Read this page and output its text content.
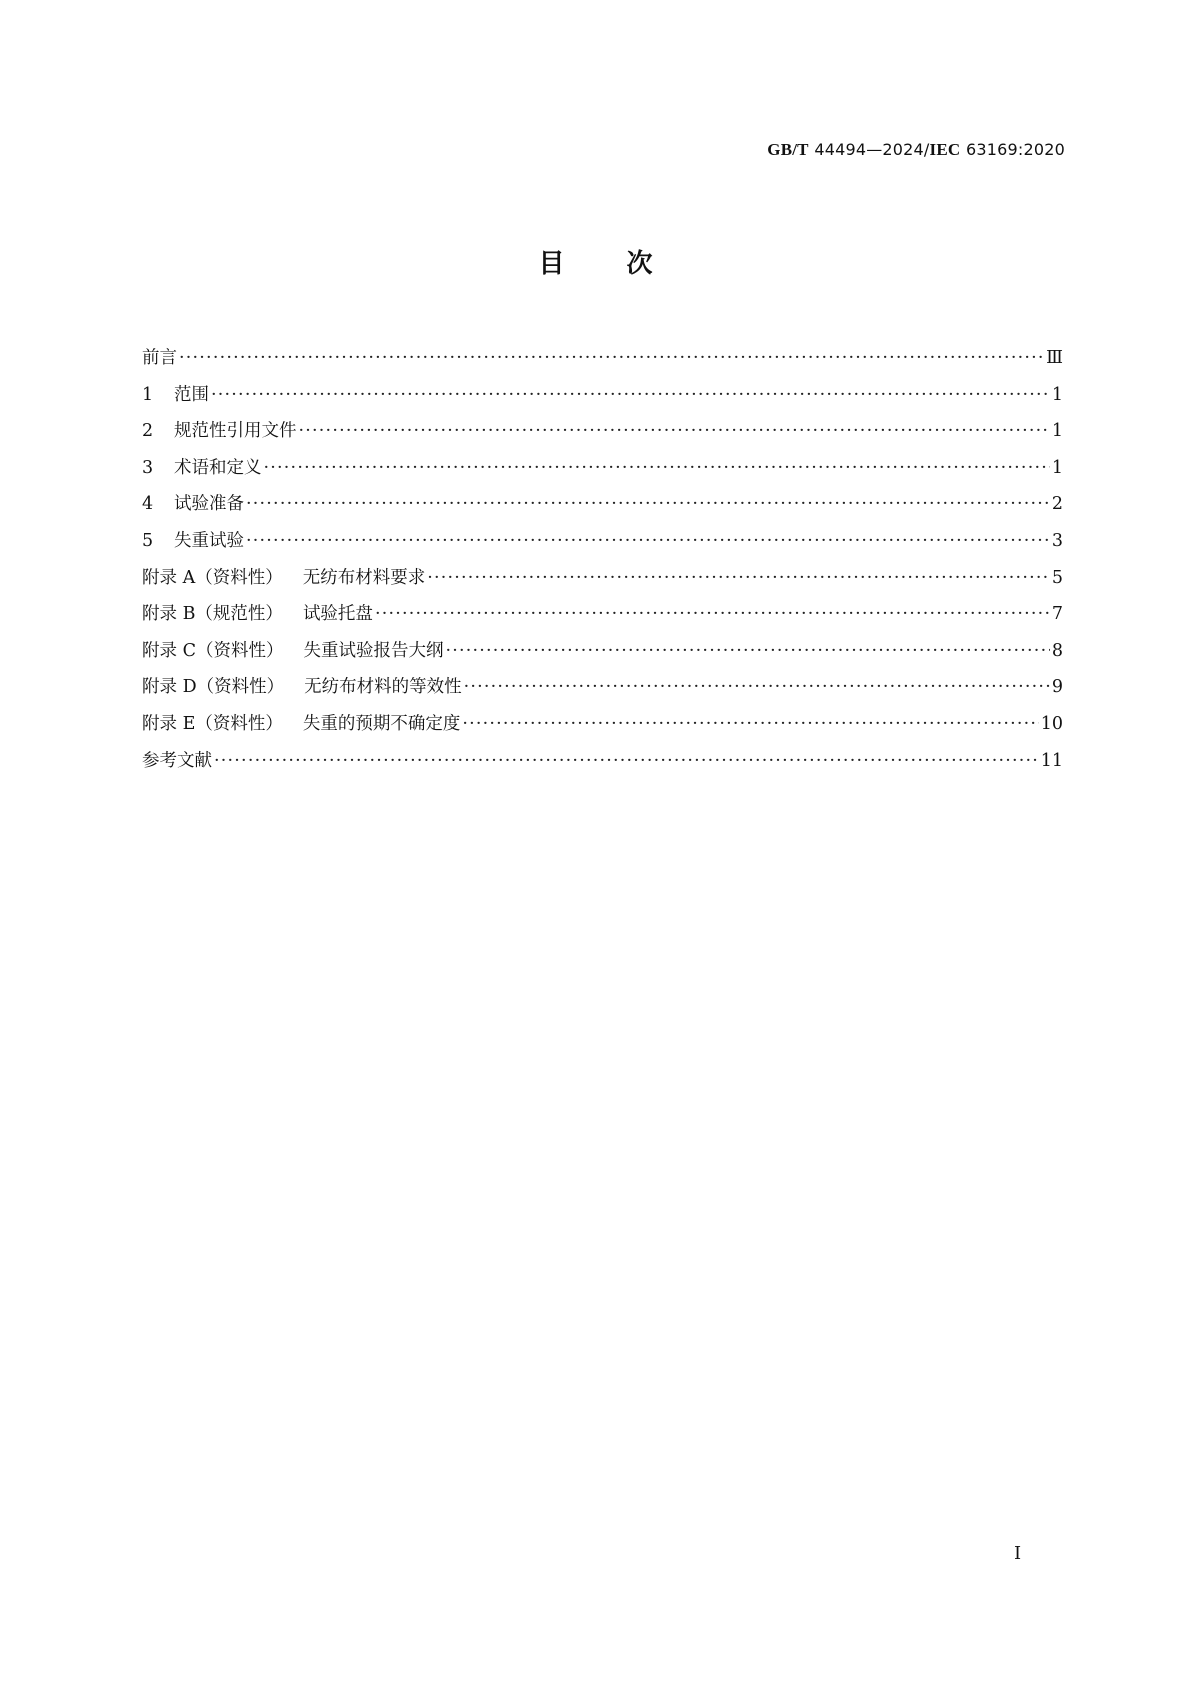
GB/T 44494—2024/IEC 63169:2020
目 次
前言 ·····	Ⅲ
1	范围 ·····	1
2	规范性引用文件 ·····	1
3	术语和定义 ·····	1
4	试验准备 ·····	2
5	失重试验 ·····	3
附录 A（资料性） 无纺布材料要求 ·····	5
附录 B（规范性） 试验托盘 ·····	7
附录 C（资料性） 失重试验报告大纲 ·····	8
附录 D（资料性） 无纺布材料的等效性 ·····	9
附录 E（资料性） 失重的预期不确定度 ·····	10
参考文献 ·····	11
Ⅰ
